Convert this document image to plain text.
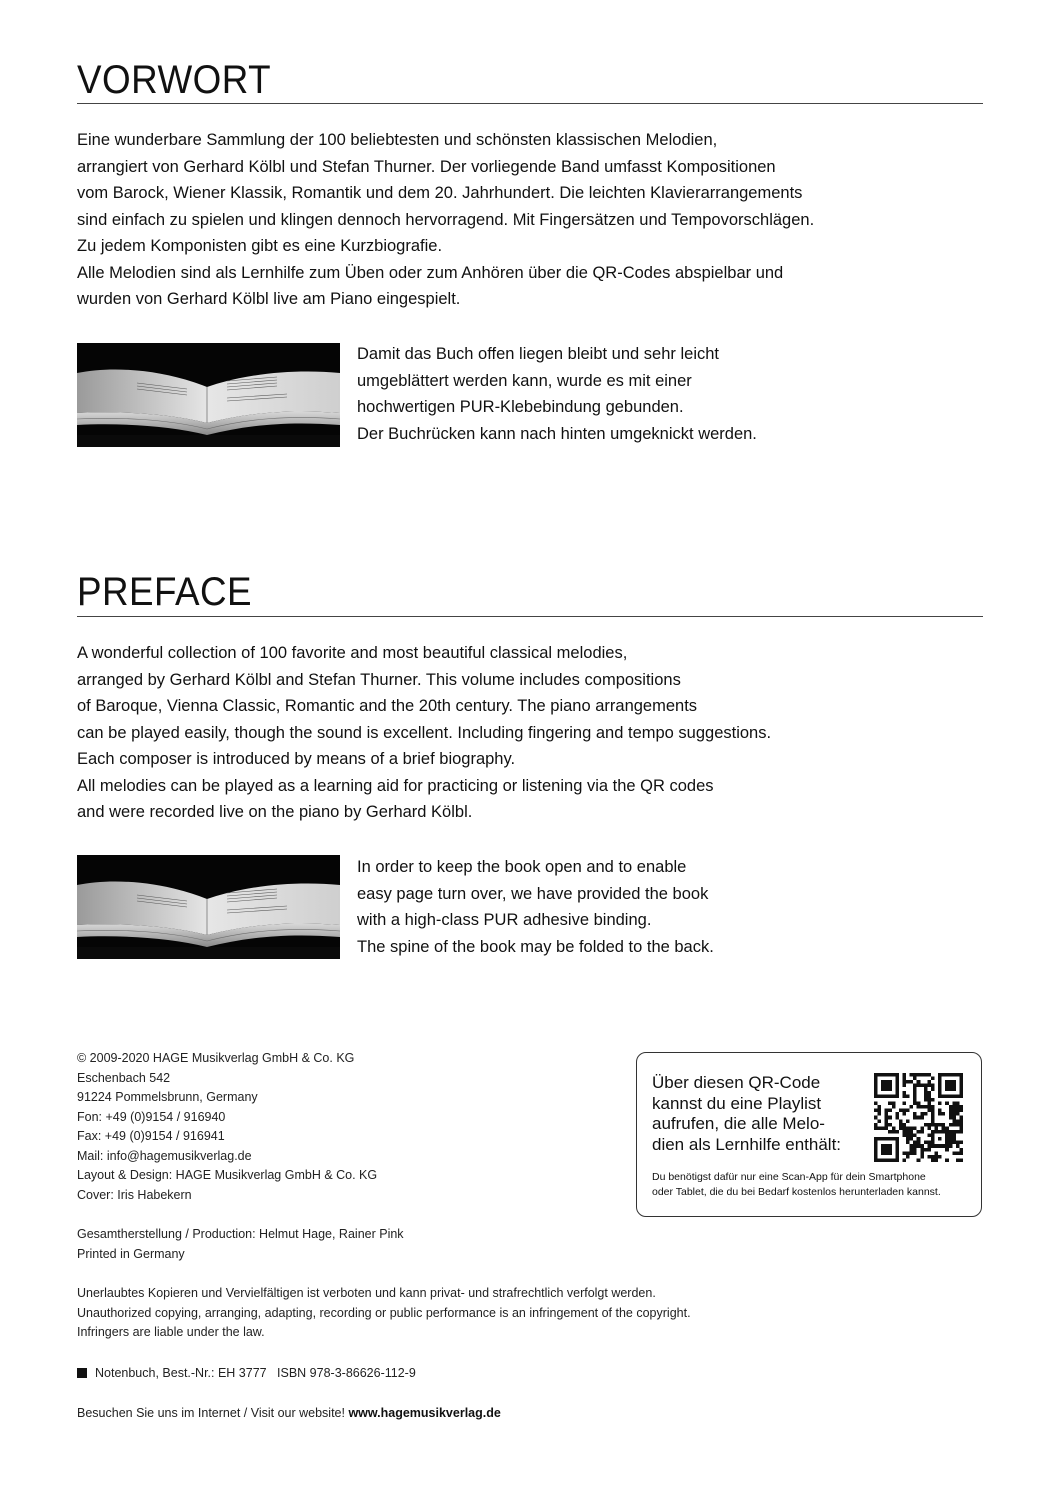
VORWORT

Eine wunderbare Sammlung der 100 beliebtesten und schönsten klassischen Melodien,
arrangiert von Gerhard Kölbl und Stefan Thurner. Der vorliegende Band umfasst Kompositionen
vom Barock, Wiener Klassik, Romantik und dem 20. Jahrhundert. Die leichten Klavierarrangements
sind einfach zu spielen und klingen dennoch hervorragend. Mit Fingersätzen und Tempovorschlägen.
Zu jedem Komponisten gibt es eine Kurzbiografie.
Alle Melodien sind als Lernhilfe zum Üben oder zum Anhören über die QR-Codes abspielbar und
wurden von Gerhard Kölbl live am Piano eingespielt.

Damit das Buch offen liegen bleibt und sehr leicht
umgeblättert werden kann, wurde es mit einer
hochwertigen PUR-Klebebindung gebunden.
Der Buchrücken kann nach hinten umgeknickt werden.

PREFACE

A wonderful collection of 100 favorite and most beautiful classical melodies,
arranged by Gerhard Kölbl and Stefan Thurner. This volume includes compositions
of Baroque, Vienna Classic, Romantic and the 20th century. The piano arrangements
can be played easily, though the sound is excellent. Including fingering and tempo suggestions.
Each composer is introduced by means of a brief biography.
All melodies can be played as a learning aid for practicing or listening via the QR codes
and were recorded live on the piano by Gerhard Kölbl.

In order to keep the book open and to enable
easy page turn over, we have provided the book
with a high-class PUR adhesive binding.
The spine of the book may be folded to the back.

© 2009-2020 HAGE Musikverlag GmbH & Co. KG
Eschenbach 542
91224 Pommelsbrunn, Germany
Fon: +49 (0)9154 / 916940
Fax: +49 (0)9154 / 916941
Mail: info@hagemusikverlag.de
Layout & Design: HAGE Musikverlag GmbH & Co. KG
Cover: Iris Habekern

Gesamtherstellung / Production: Helmut Hage, Rainer Pink
Printed in Germany

Unerlaubtes Kopieren und Vervielfältigen ist verboten und kann privat- und strafrechtlich verfolgt werden.
Unauthorized copying, arranging, adapting, recording or public performance is an infringement of the copyright.
Infringers are liable under the law.

Notenbuch, Best.-Nr.: EH 3777   ISBN 978-3-86626-112-9
Besuchen Sie uns im Internet / Visit our website! www.hagemusikverlag.de

Über diesen QR-Code
kannst du eine Playlist
aufrufen, die alle Melo-
dien als Lernhilfe enthält:

Du benötigst dafür nur eine Scan-App für dein Smartphone
oder Tablet, die du bei Bedarf kostenlos herunterladen kannst.
